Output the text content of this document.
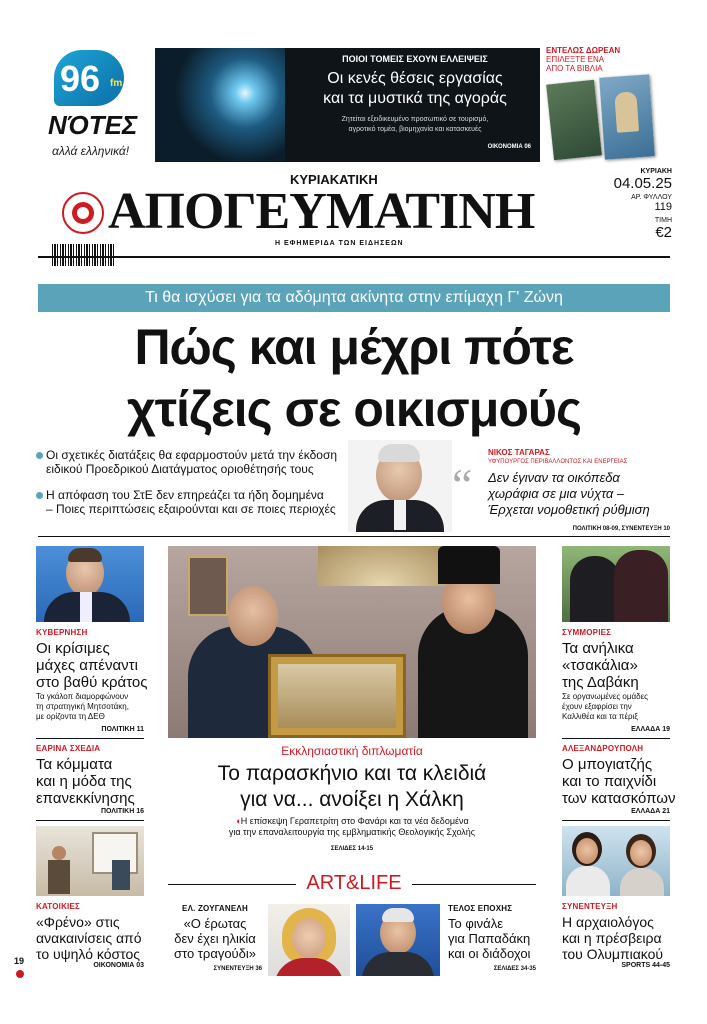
96 fm
ΝΌΤΕΣ
αλλά ελληνικά!
ΠΟΙΟΙ ΤΟΜΕΙΣ ΕΧΟΥΝ ΕΛΛΕΙΨΕΙΣ
Οι κενές θέσεις εργασίας
και τα μυστικά της αγοράς
Ζητείται εξειδικευμένο προσωπικό σε τουρισμό,
αγροτικό τομέα, βιομηχανία και κατασκευές
ΟΙΚΟΝΟΜΙΑ 06
ΕΝΤΕΛΩΣ ΔΩΡΕΑΝ
ΕΠΙΛΕΞΤΕ ΕΝΑ
ΑΠΟ ΤΑ ΒΙΒΛΙΑ
ΚΥΡΙΑΚΑΤΙΚΗ
ΑΠΟΓΕΥΜΑΤΙΝΗ
Η ΕΦΗΜΕΡΙΔΑ ΤΩΝ ΕΙΔΗΣΕΩΝ
ΚΥΡΙΑΚΗ
04.05.25
ΑΡ. ΦΥΛΛΟΥ
119
ΤΙΜΗ
€2
Τι θα ισχύσει για τα αδόμητα ακίνητα στην επίμαχη Γ' Ζώνη
Πώς και μέχρι πότε
χτίζεις σε οικισμούς
Οι σχετικές διατάξεις θα εφαρμοστούν μετά την έκδοση
ειδικού Προεδρικού Διατάγματος οριοθέτησής τους
Η απόφαση του ΣτΕ δεν επηρεάζει τα ήδη δομημένα
– Ποιες περιπτώσεις εξαιρούνται και σε ποιες περιοχές	“
ΝΙΚΟΣ ΤΑΓΑΡΑΣ
ΥΦΥΠΟΥΡΓΟΣ ΠΕΡΙΒΑΛΛΟΝΤΟΣ ΚΑΙ ΕΝΕΡΓΕΙΑΣ
Δεν έγιναν τα οικόπεδα
χωράφια σε μια νύχτα –
Έρχεται νομοθετική ρύθμιση
ΠΟΛΙΤΙΚΗ 08-09, ΣΥΝΕΝΤΕΥΞΗ 10
ΚΥΒΕΡΝΗΣΗ
Οι κρίσιμες
μάχες απέναντι
στο βαθύ κράτος
Τα γκάλοπ διαμορφώνουν
τη στρατηγική Μητσοτάκη,
με ορίζοντα τη ΔΕΘ
ΠΟΛΙΤΙΚΗ 11
ΕΑΡΙΝΑ ΣΧΕΔΙΑ
Τα κόμματα
και η μόδα της
επανεκκίνησης
ΠΟΛΙΤΙΚΗ 16
ΚΑΤΟΙΚΙΕΣ
«Φρένο» στις
ανακαινίσεις από
το υψηλό κόστος
ΟΙΚΟΝΟΜΙΑ 03
Εκκλησιαστική διπλωματία
Το παρασκήνιο και τα κλειδιά
για να... ανοίξει η Χάλκη
◖Η επίσκεψη Γεραπετρίτη στο Φανάρι και τα νέα δεδομένα
για την επαναλειτουργία της εμβληματικής Θεολογικής Σχολής
ΣΕΛΙΔΕΣ 14-15
ART&LIFE
ΕΛ. ΖΟΥΓΑΝΕΛΗ
«Ο έρωτας
δεν έχει ηλικία
στο τραγούδι»
ΣΥΝΕΝΤΕΥΞΗ 36
ΤΕΛΟΣ ΕΠΟΧΗΣ
Το φινάλε
για Παπαδάκη
και οι διάδοχοι
ΣΕΛΙΔΕΣ 34-35
ΣΥΜΜΟΡΙΕΣ
Τα ανήλικα
«τσακάλια»
της Δαβάκη
Σε οργανωμένες ομάδες
έχουν εξαφρίσει την
Καλλιθέα και τα πέριξ
ΕΛΛΑΔΑ 19
ΑΛΕΞΑΝΔΡΟΥΠΟΛΗ
Ο μπογιατζής
και το παιχνίδι
των κατασκόπων
ΕΛΛΑΔΑ 21
ΣΥΝΕΝΤΕΥΞΗ
Η αρχαιολόγος
και η πρέσβειρα
του Ολυμπιακού
SPORTS 44-45
19
